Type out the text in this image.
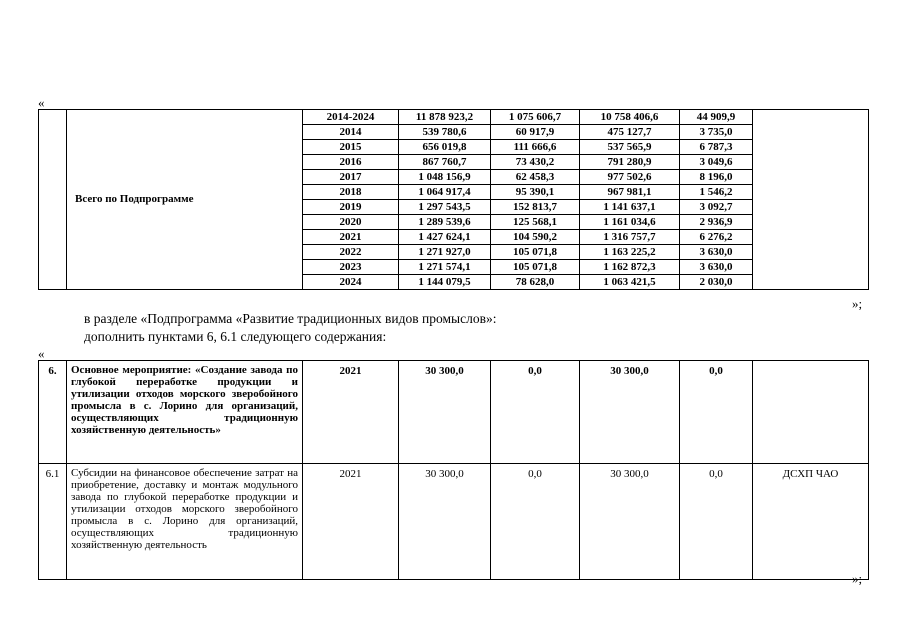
«
	Всего по Подпрограмме	2014-2024	11 878 923,2	1 075 606,7	10 758 406,6	44 909,9	
		2014	539 780,6	60 917,9	475 127,7	3 735,0	
		2015	656 019,8	111 666,6	537 565,9	6 787,3	
		2016	867 760,7	73 430,2	791 280,9	3 049,6	
		2017	1 048 156,9	62 458,3	977 502,6	8 196,0	
		2018	1 064 917,4	95 390,1	967 981,1	1 546,2	
		2019	1 297 543,5	152 813,7	1 141 637,1	3 092,7	
		2020	1 289 539,6	125 568,1	1 161 034,6	2 936,9	
		2021	1 427 624,1	104 590,2	1 316 757,7	6 276,2	
		2022	1 271 927,0	105 071,8	1 163 225,2	3 630,0	
		2023	1 271 574,1	105 071,8	1 162 872,3	3 630,0	
		2024	1 144 079,5	78 628,0	1 063 421,5	2 030,0	
»;
в разделе «Подпрограмма «Развитие традиционных видов промыслов»:
дополнить пунктами 6, 6.1 следующего содержания:
«
6.	Основное мероприятие: «Создание завода по глубокой переработке продукции и утилизации отходов морского зверобойного промысла в с. Лорино для организаций, осуществляющих традиционную хозяйственную деятельность»	2021	30 300,0	0,0	30 300,0	0,0	
6.1	Субсидии на финансовое обеспечение затрат на приобретение, доставку и монтаж модульного завода по глубокой переработке продукции и утилизации отходов морского зверобойного промысла в с. Лорино для организаций, осуществляющих традиционную хозяйственную деятельность	2021	30 300,0	0,0	30 300,0	0,0	ДСХП ЧАО
»;
